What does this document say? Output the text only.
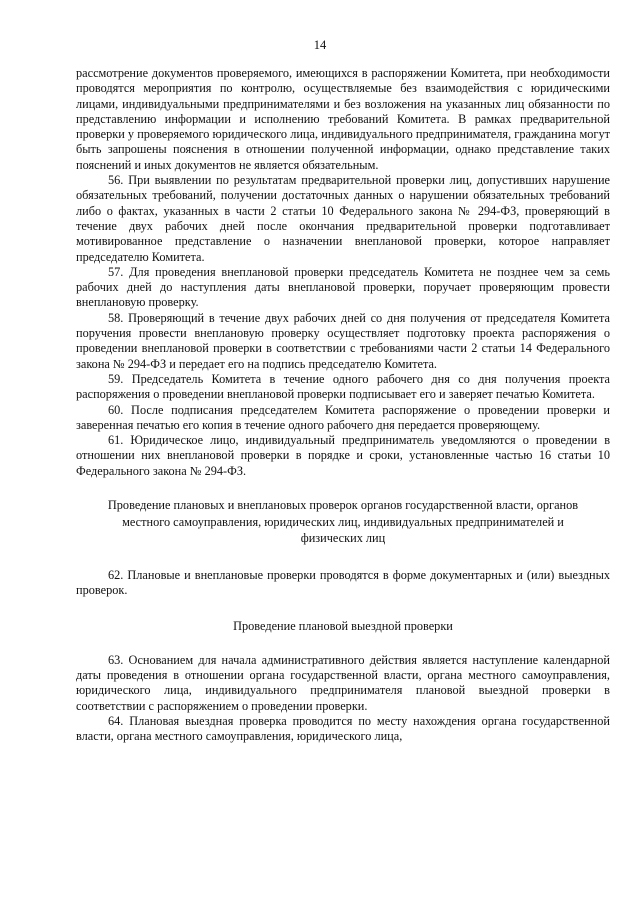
14

рассмотрение документов проверяемого, имеющихся в распоряжении Комитета, при необходимости проводятся мероприятия по контролю, осуществляемые без взаимодействия с юридическими лицами, индивидуальными предпринимателями и без возложения на указанных лиц обязанности по представлению информации и исполнению требований Комитета. В рамках предварительной проверки у проверяемого юридического лица, индивидуального предпринимателя, гражданина могут быть запрошены пояснения в отношении полученной информации, однако представление таких пояснений и иных документов не является обязательным.

56. При выявлении по результатам предварительной проверки лиц, допустивших нарушение обязательных требований, получении достаточных данных о нарушении обязательных требований либо о фактах, указанных в части 2 статьи 10 Федерального закона № 294-ФЗ, проверяющий в течение двух рабочих дней после окончания предварительной проверки подготавливает мотивированное представление о назначении внеплановой проверки, которое направляет председателю Комитета.

57. Для проведения внеплановой проверки председатель Комитета не позднее чем за семь рабочих дней до наступления даты внеплановой проверки, поручает проверяющим провести внеплановую проверку.

58. Проверяющий в течение двух рабочих дней со дня получения от председателя Комитета поручения провести внеплановую проверку осуществляет подготовку проекта распоряжения о проведении внеплановой проверки в соответствии с требованиями части 2 статьи 14 Федерального закона № 294-ФЗ и передает его на подпись председателю Комитета.

59. Председатель Комитета в течение одного рабочего дня со дня получения проекта распоряжения о проведении внеплановой проверки подписывает его и заверяет печатью Комитета.

60. После подписания председателем Комитета распоряжение о проведении проверки и заверенная печатью его копия в течение одного рабочего дня передается проверяющему.

61. Юридическое лицо, индивидуальный предприниматель уведомляются о проведении в отношении них внеплановой проверки в порядке и сроки, установленные частью 16 статьи 10 Федерального закона № 294-ФЗ.

Проведение плановых и внеплановых проверок органов государственной власти, органов местного самоуправления, юридических лиц, индивидуальных предпринимателей и физических лиц

62. Плановые и внеплановые проверки проводятся в форме документарных и (или) выездных проверок.

Проведение плановой выездной проверки

63. Основанием для начала административного действия является наступление календарной даты проведения в отношении органа государственной власти, органа местного самоуправления, юридического лица, индивидуального предпринимателя плановой выездной проверки в соответствии с распоряжением о проведении проверки.

64. Плановая выездная проверка проводится по месту нахождения органа государственной власти, органа местного самоуправления, юридического лица,
